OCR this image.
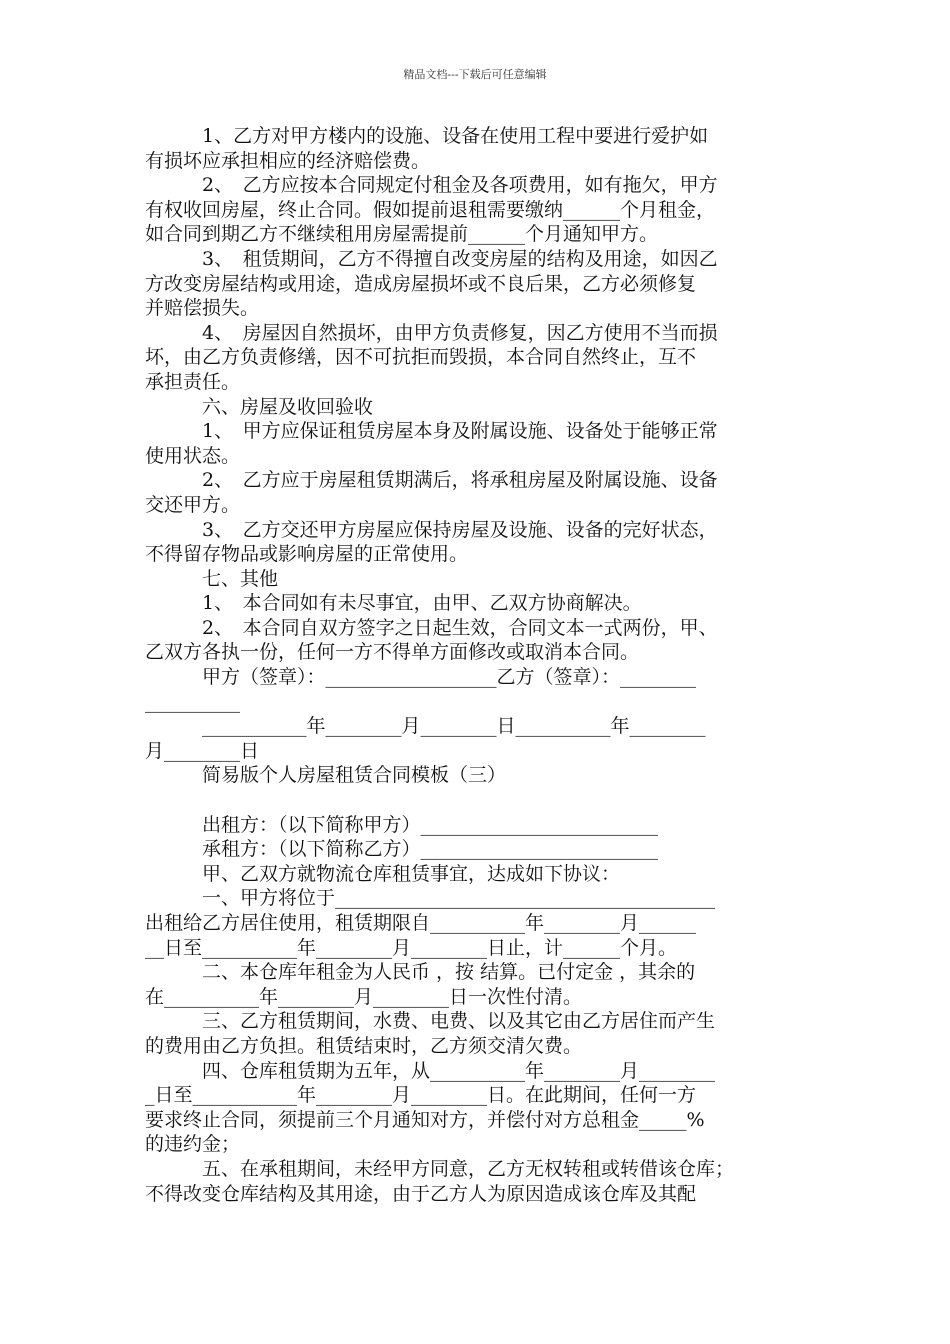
精品文档---下载后可任意编辑
　　　1、乙方对甲方楼内的设施、设备在使用工程中要进行爱护如
有损坏应承担相应的经济赔偿费。
　　　2、　乙方应按本合同规定付租金及各项费用，如有拖欠，甲方
有权收回房屋，终止合同。假如提前退租需要缴纳______个月租金，
如合同到期乙方不继续租用房屋需提前______个月通知甲方。
　　　3、　租赁期间，乙方不得擅自改变房屋的结构及用途，如因乙
方改变房屋结构或用途，造成房屋损坏或不良后果，乙方必须修复
并赔偿损失。
　　　4、　房屋因自然损坏，由甲方负责修复，因乙方使用不当而损
坏，由乙方负责修缮，因不可抗拒而毁损，本合同自然终止，互不
承担责任。
　　　六、房屋及收回验收
　　　1、　甲方应保证租赁房屋本身及附属设施、设备处于能够正常
使用状态。
　　　2、　乙方应于房屋租赁期满后，将承租房屋及附属设施、设备
交还甲方。
　　　3、　乙方交还甲方房屋应保持房屋及设施、设备的完好状态，
不得留存物品或影响房屋的正常使用。
　　　七、其他
　　　1、　本合同如有未尽事宜，由甲、乙双方协商解决。
　　　2、　本合同自双方签字之日起生效，合同文本一式两份，甲、
乙双方各执一份，任何一方不得单方面修改或取消本合同。
　　　甲方（签章）：__________________乙方（签章）：________
__________
　　　___________年________月________日__________年________
月________日
　　　简易版个人房屋租赁合同模板（三）
　　　出租方：（以下简称甲方）_________________________
　　　承租方：（以下简称乙方）_________________________
　　　甲、乙双方就物流仓库租赁事宜，达成如下协议：
　　　一、甲方将位于________________________________________
出租给乙方居住使用，租赁期限自__________年________月______
__日至__________年________月________日止，计______个月。
　　　二、本仓库年租金为人民币 ，按 结算。已付定金 ，其余的
在__________年________月________日一次性付清。
　　　三、乙方租赁期间，水费、电费、以及其它由乙方居住而产生
的费用由乙方负担。租赁结束时，乙方须交清欠费。
　　　四、仓库租赁期为五年，从__________年________月________
_日至___________年________月________日。在此期间，任何一方
要求终止合同，须提前三个月通知对方，并偿付对方总租金_____%
的违约金；
　　　五、在承租期间，未经甲方同意，乙方无权转租或转借该仓库；
不得改变仓库结构及其用途，由于乙方人为原因造成该仓库及其配
